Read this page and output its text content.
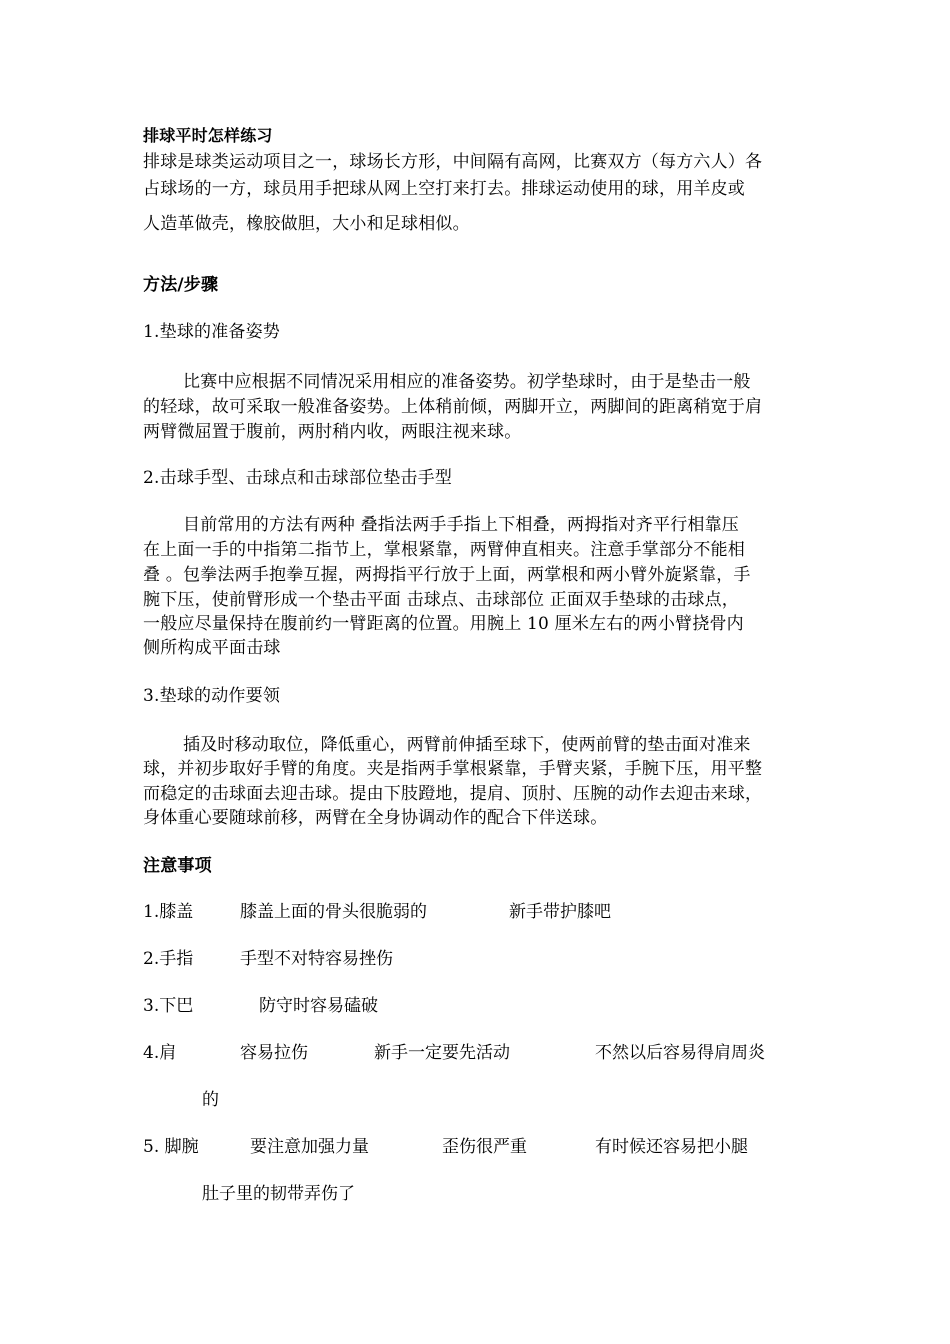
排球平时怎样练习
排球是球类运动项目之一，球场长方形，中间隔有高网，比赛双方（每方六人）各
占球场的一方，球员用手把球从网上空打来打去。排球运动使用的球，用羊皮或
人造革做壳，橡胶做胆，大小和足球相似。
方法/步骤
1.垫球的准备姿势
比赛中应根据不同情况采用相应的准备姿势。初学垫球时，由于是垫击一般
的轻球，故可采取一般准备姿势。上体稍前倾，两脚开立，两脚间的距离稍宽于肩
两臂微屈置于腹前，两肘稍内收，两眼注视来球。
2.击球手型、击球点和击球部位垫击手型
目前常用的方法有两种 叠指法两手手指上下相叠，两拇指对齐平行相靠压
在上面一手的中指第二指节上，掌根紧靠，两臂伸直相夹。注意手掌部分不能相
叠 。包拳法两手抱拳互握，两拇指平行放于上面，两掌根和两小臂外旋紧靠，手
腕下压，使前臂形成一个垫击平面 击球点、击球部位 正面双手垫球的击球点，
一般应尽量保持在腹前约一臂距离的位置。用腕上 10 厘米左右的两小臂挠骨内
侧所构成平面击球
3.垫球的动作要领
插及时移动取位，降低重心，两臂前伸插至球下，使两前臂的垫击面对准来
球，并初步取好手臂的角度。夹是指两手掌根紧靠，手臂夹紧，手腕下压，用平整
而稳定的击球面去迎击球。提由下肢蹬地，提肩、顶肘、压腕的动作去迎击来球，
身体重心要随球前移，两臂在全身协调动作的配合下伴送球。
注意事项
1.膝盖	膝盖上面的骨头很脆弱的	新手带护膝吧
2.手指	手型不对特容易挫伤
3.下巴	防守时容易磕破
4.肩	容易拉伤	新手一定要先活动	不然以后容易得肩周炎
的
5. 脚腕	要注意加强力量	歪伤很严重	有时候还容易把小腿
肚子里的韧带弄伤了
